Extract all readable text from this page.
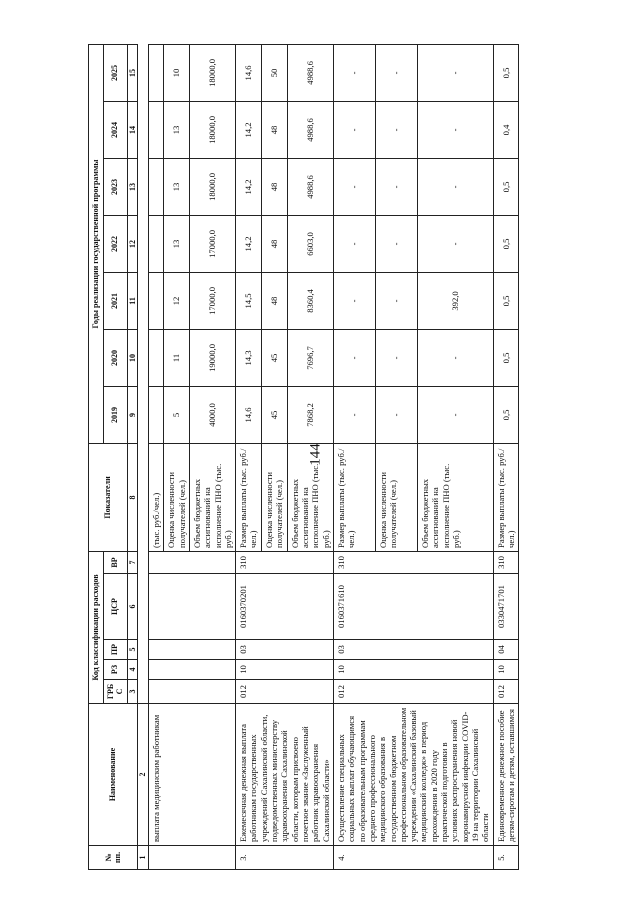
144
№ пп.	Наименование	Код классификации расходов					Показатели	Годы реализации государственной программы						
		ГРБС	РЗ	ПР	ЦСР	ВР		2019	2020	2021	2022	2023	2024	2025
		3	4	5	6	7	8	9	10	11	12	13	14	15
1	2													
	выплата медицинским работникам						(тыс. руб./чел.)							
							Оценка численности получателей (чел.)	5	11	12	13	13	13	10
							Объем бюджетных ассигнований на исполнение ПНО (тыс. руб.)	4000,0	19000,0	17000,0	17000,0	18000,0	18000,0	18000,0
3.	Ежемесячная денежная выплата работникам государственных учреждений Сахалинской области, подведомственных министерству здравоохранения Сахалинской области, которым присвоено почетное звание «Заслуженный работник здравоохранения Сахалинской области»	012	10	03	0160370201	310	Размер выплаты (тыс. руб./чел.)	14,6	14,3	14,5	14,2	14,2	14,2	14,6
							Оценка численности получателей (чел.)	45	45	48	48	48	48	50
							Объем бюджетных ассигнований на исполнение ПНО (тыс. руб.)	7868,2	7696,7	8360,4	6603,0	4988,6	4988,6	4988,6
4.	Осуществление специальных социальных выплат обучающимся по образовательным программам среднего профессионального медицинского образования в государственном бюджетном профессиональном образовательном учреждении «Сахалинский базовый медицинский колледж» в период прохождения в 2020 году практической подготовки в условиях распространения новой коронавирусной инфекции COVID-19 на территории Сахалинской области	012	10	03	0160371610	310	Размер выплаты (тыс. руб./чел.)	-	-	-	-	-	-	-
							Оценка численности получателей (чел.)	-	-	-	-	-	-	-
							Объем бюджетных ассигнований на исполнение ПНО (тыс. руб.)	-	-	392,0	-	-	-	-
5.	Единовременное денежное пособие детям-сиротам и детям, оставшимся	012	10	04	0330471701	310	Размер выплаты (тыс. руб./чел.)	0,5	0,5	0,5	0,5	0,5	0,4	0,5
